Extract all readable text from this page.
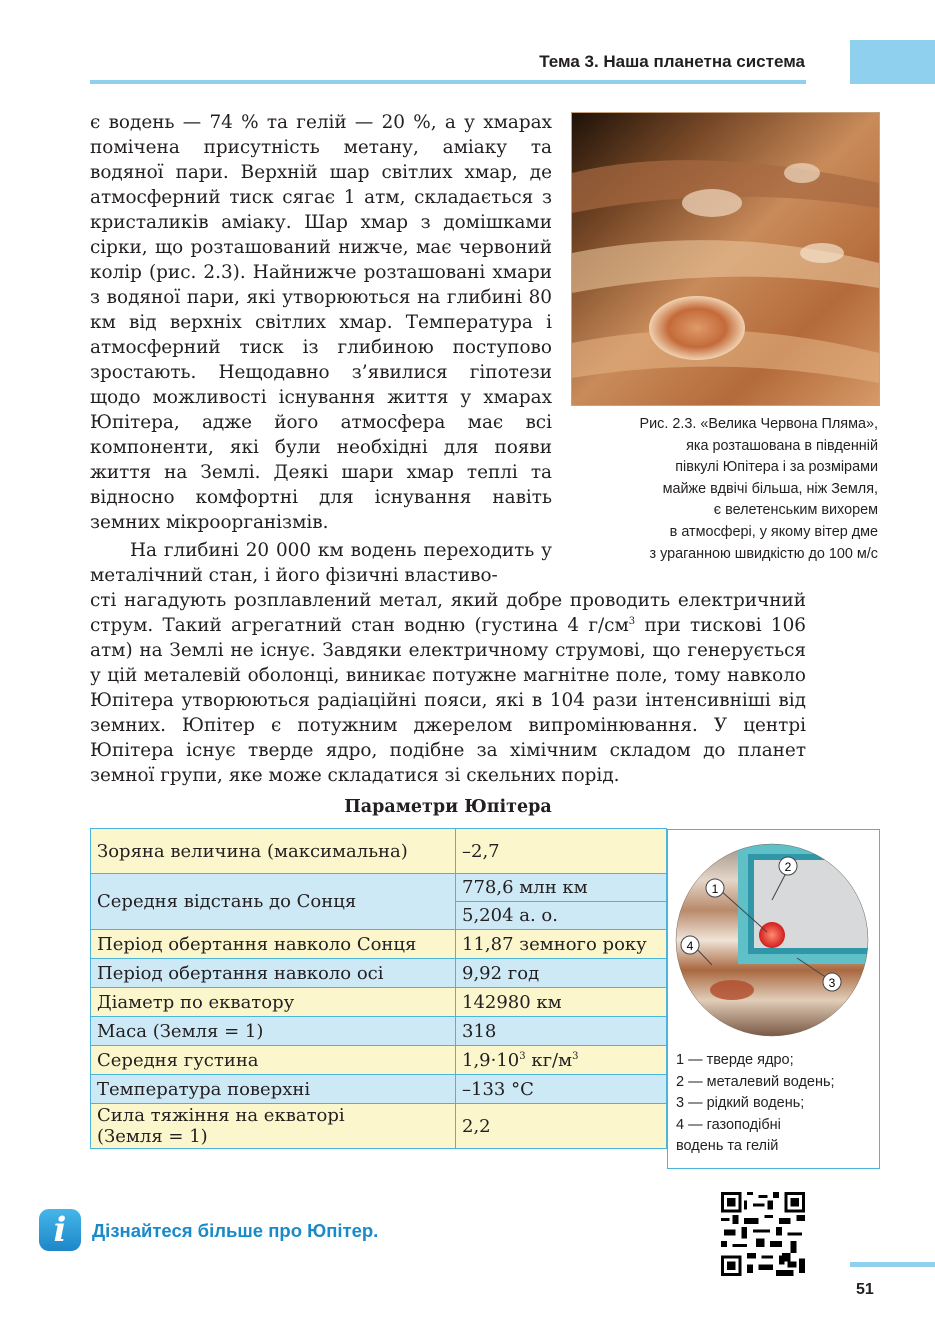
Тема 3. Наша планетна система

є водень — 74 % та гелій — 20 %, а у хмарах помічена присутність метану, аміаку та водяної пари. Верхній шар світлих хмар, де атмосферний тиск сягає 1 атм, складається з кристаликів аміаку. Шар хмар з домішками сірки, що розташований нижче, має червоний колір (рис. 2.3). Найнижче розташовані хмари з водяної пари, які утворюються на глибині 80 км від верхніх світлих хмар. Температура і атмосферний тиск із глибиною поступово зростають. Нещодавно з’явилися гіпотези щодо можливості існування життя у хмарах Юпітера, адже його атмосфера має всі компоненти, які були необхідні для появи життя на Землі. Деякі шари хмар теплі та відносно комфортні для існування навіть земних мікроорганізмів.

На глибині 20 000 км водень переходить у металічний стан, і його фізичні властиво-

сті нагадують розплавлений метал, який добре проводить електричний струм. Такий агрегатний стан водню (густина 4 $г/см^3$ при тискові 106 атм) на Землі не існує. Завдяки електричному струмові, що генерується у цій металевій оболонці, виникає потужне магнітне поле, тому навколо Юпітера утворюються радіаційні пояси, які в 104 рази інтенсивніші від земних. Юпітер є потужним джерелом випромінювання. У центрі Юпітера існує тверде ядро, подібне за хімічним складом до планет земної групи, яке може складатися зі скельних порід.

Рис. 2.3. «Велика Червона Пляма»,
яка розташована в південній
півкулі Юпітера і за розмірами
майже вдвічі більша, ніж Земля,
є велетенським вихорем
в атмосфері, у якому вітер дме
з ураганною швидкістю до 100 м/с
Параметри Юпітера
Зоряна величина (максимальна)	–2,7
Середня відстань до Сонця	778,6 млн км
	5,204 а. о.
Період обертання навколо Сонця	11,87 земного року
Період обертання навколо осі	9,92 год
Діаметр по екватору	142980 км
Маса (Земля = 1)	318
Середня густина	$1,9\cdot 10^3$ $кг/м^3$
Температура поверхні	–133 °С

Сила тяжіння на екваторі
(Земля = 1)	2,2
1
2
3
4
1 — тверде ядро;
2 — металевий водень;
3 — рідкий водень;
4 — газоподібні
водень та гелій
i	Дізнайтеся більше про Юпітер.
51
